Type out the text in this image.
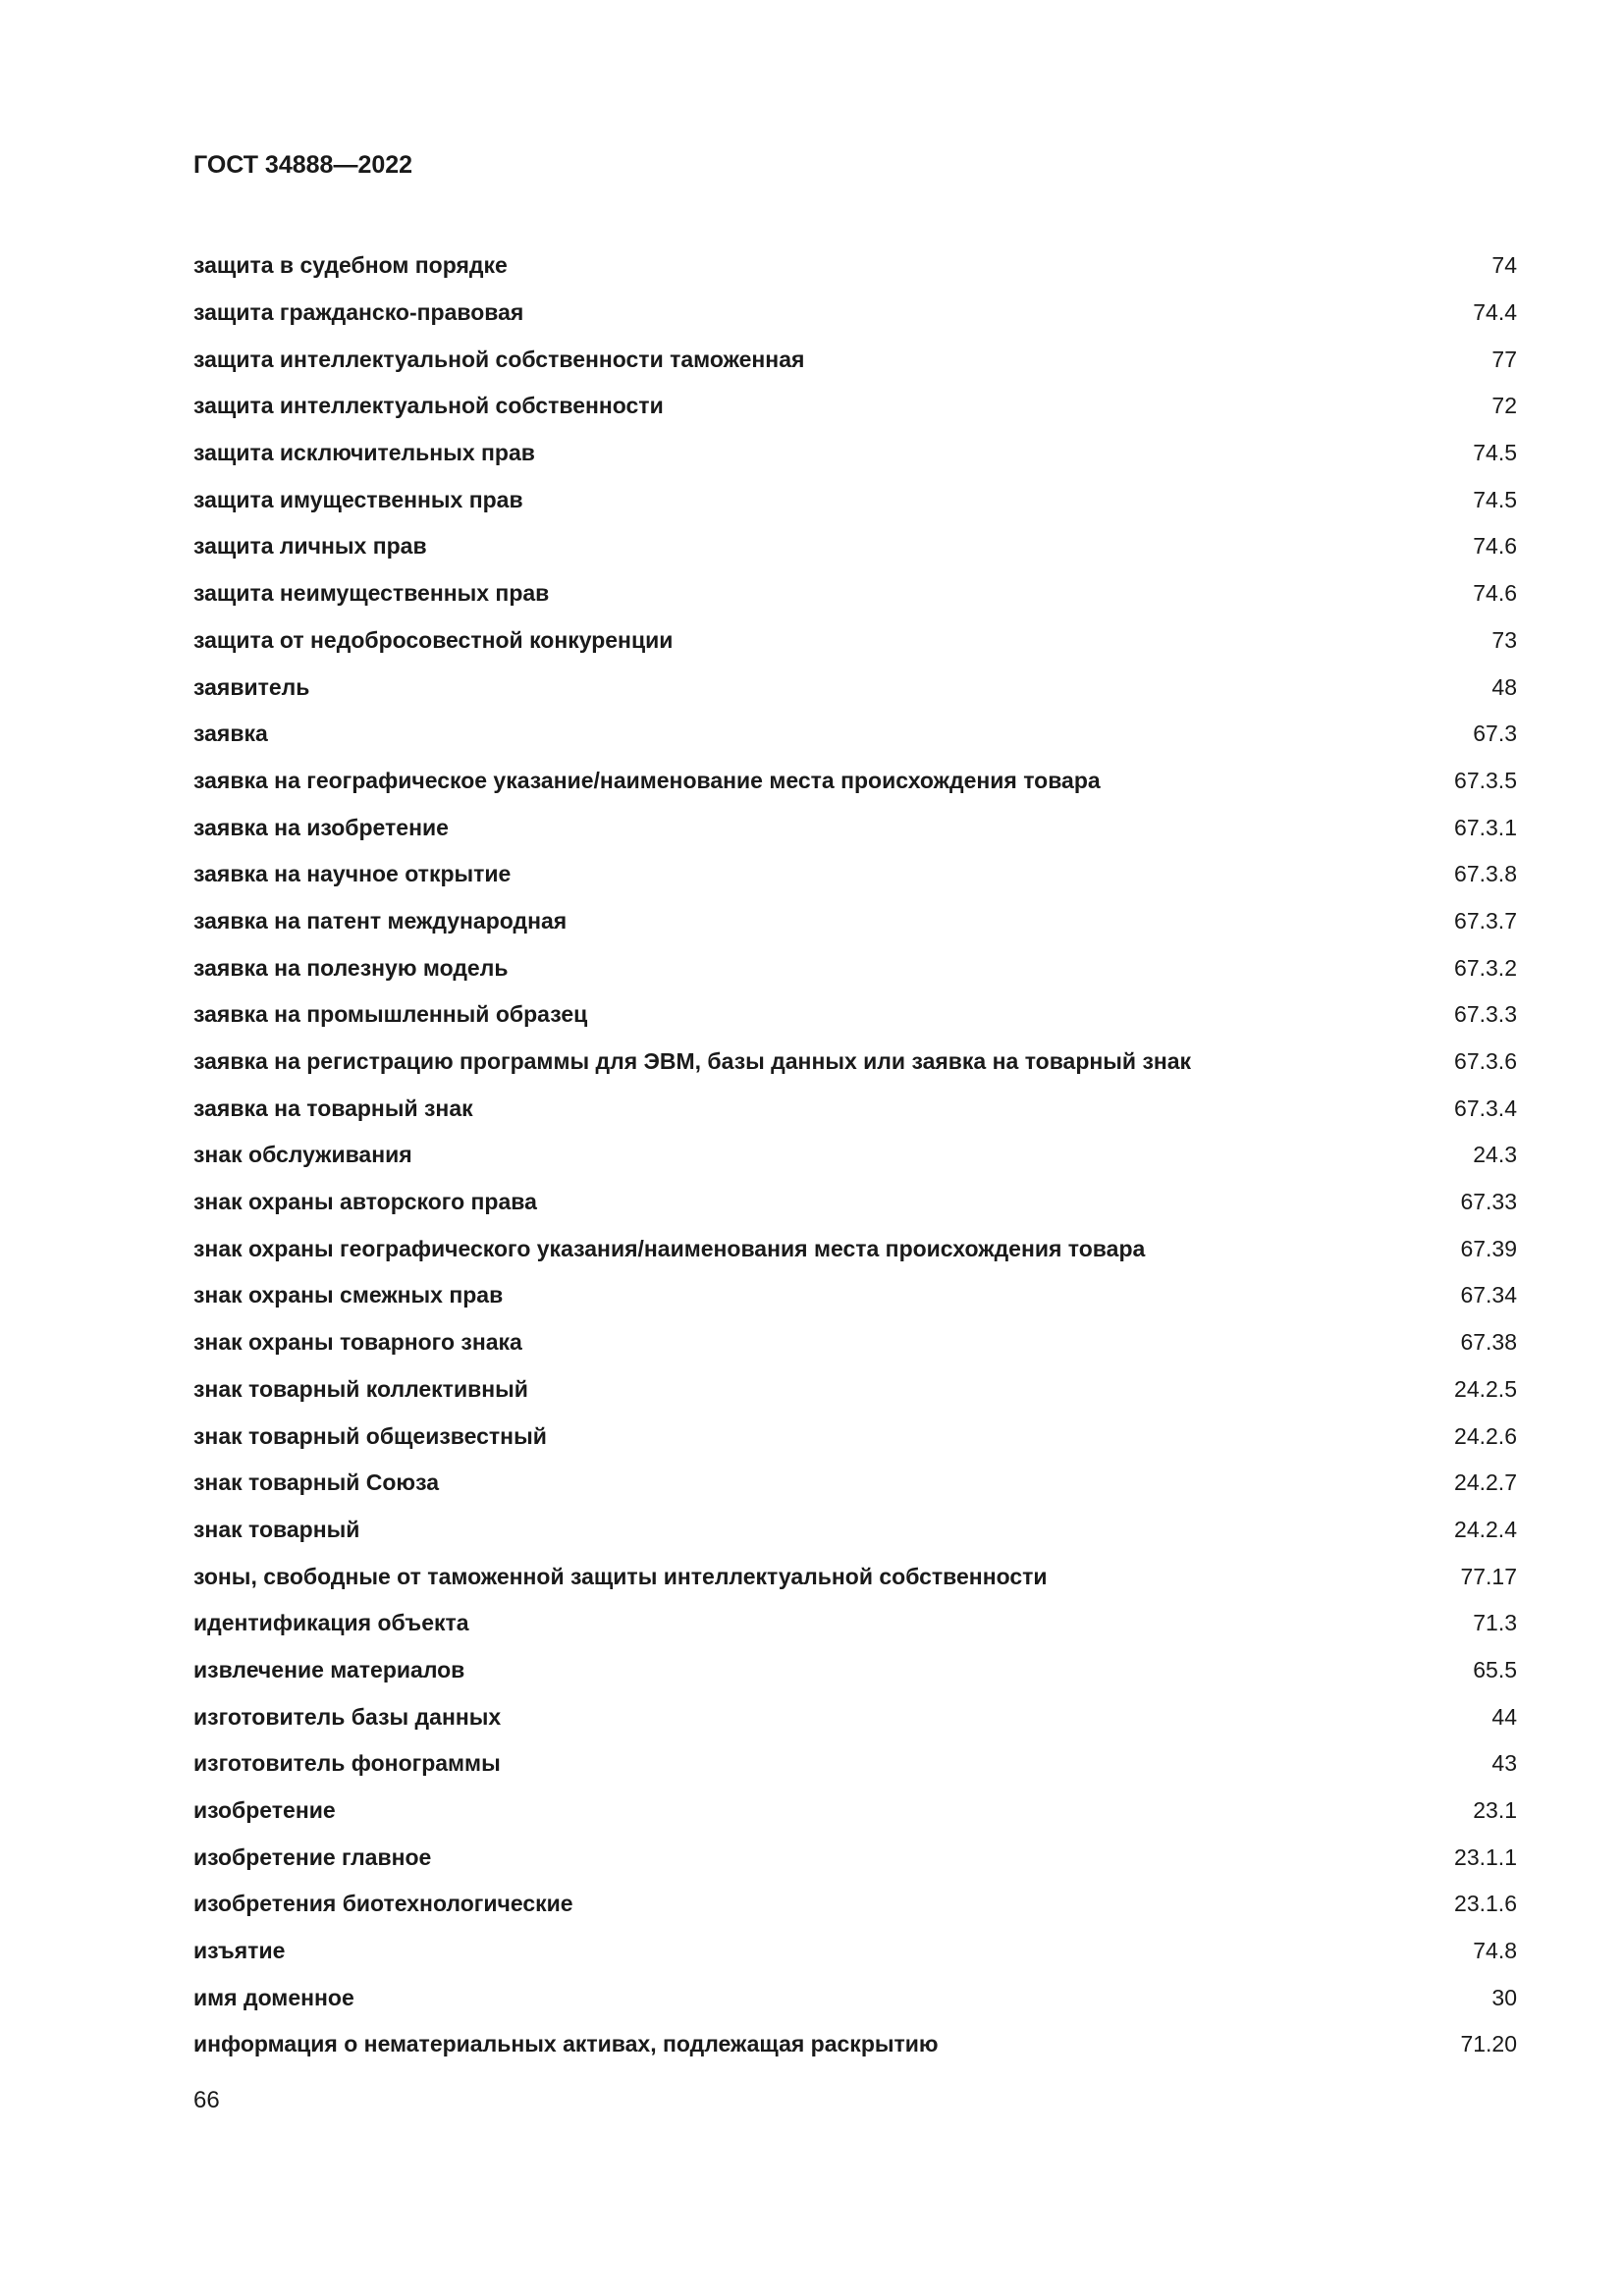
ГОСТ 34888—2022
защита в судебном порядке	74
защита гражданско-правовая	74.4
защита интеллектуальной собственности таможенная	77
защита интеллектуальной собственности	72
защита исключительных прав	74.5
защита имущественных прав	74.5
защита личных прав	74.6
защита неимущественных прав	74.6
защита от недобросовестной конкуренции	73
заявитель	48
заявка	67.3
заявка на географическое указание/наименование места происхождения товара	67.3.5
заявка на изобретение	67.3.1
заявка на научное открытие	67.3.8
заявка на патент международная	67.3.7
заявка на полезную модель	67.3.2
заявка на промышленный образец	67.3.3
заявка на регистрацию программы для ЭВМ, базы данных или заявка на товарный знак	67.3.6
заявка на товарный знак	67.3.4
знак обслуживания	24.3
знак охраны авторского права	67.33
знак охраны географического указания/наименования места происхождения товара	67.39
знак охраны смежных прав	67.34
знак охраны товарного знака	67.38
знак товарный коллективный	24.2.5
знак товарный общеизвестный	24.2.6
знак товарный Союза	24.2.7
знак товарный	24.2.4
зоны, свободные от таможенной защиты интеллектуальной собственности	77.17
идентификация объекта	71.3
извлечение материалов	65.5
изготовитель базы данных	44
изготовитель фонограммы	43
изобретение	23.1
изобретение главное	23.1.1
изобретения биотехнологические	23.1.6
изъятие	74.8
имя доменное	30
информация о нематериальных активах, подлежащая раскрытию	71.20
66
